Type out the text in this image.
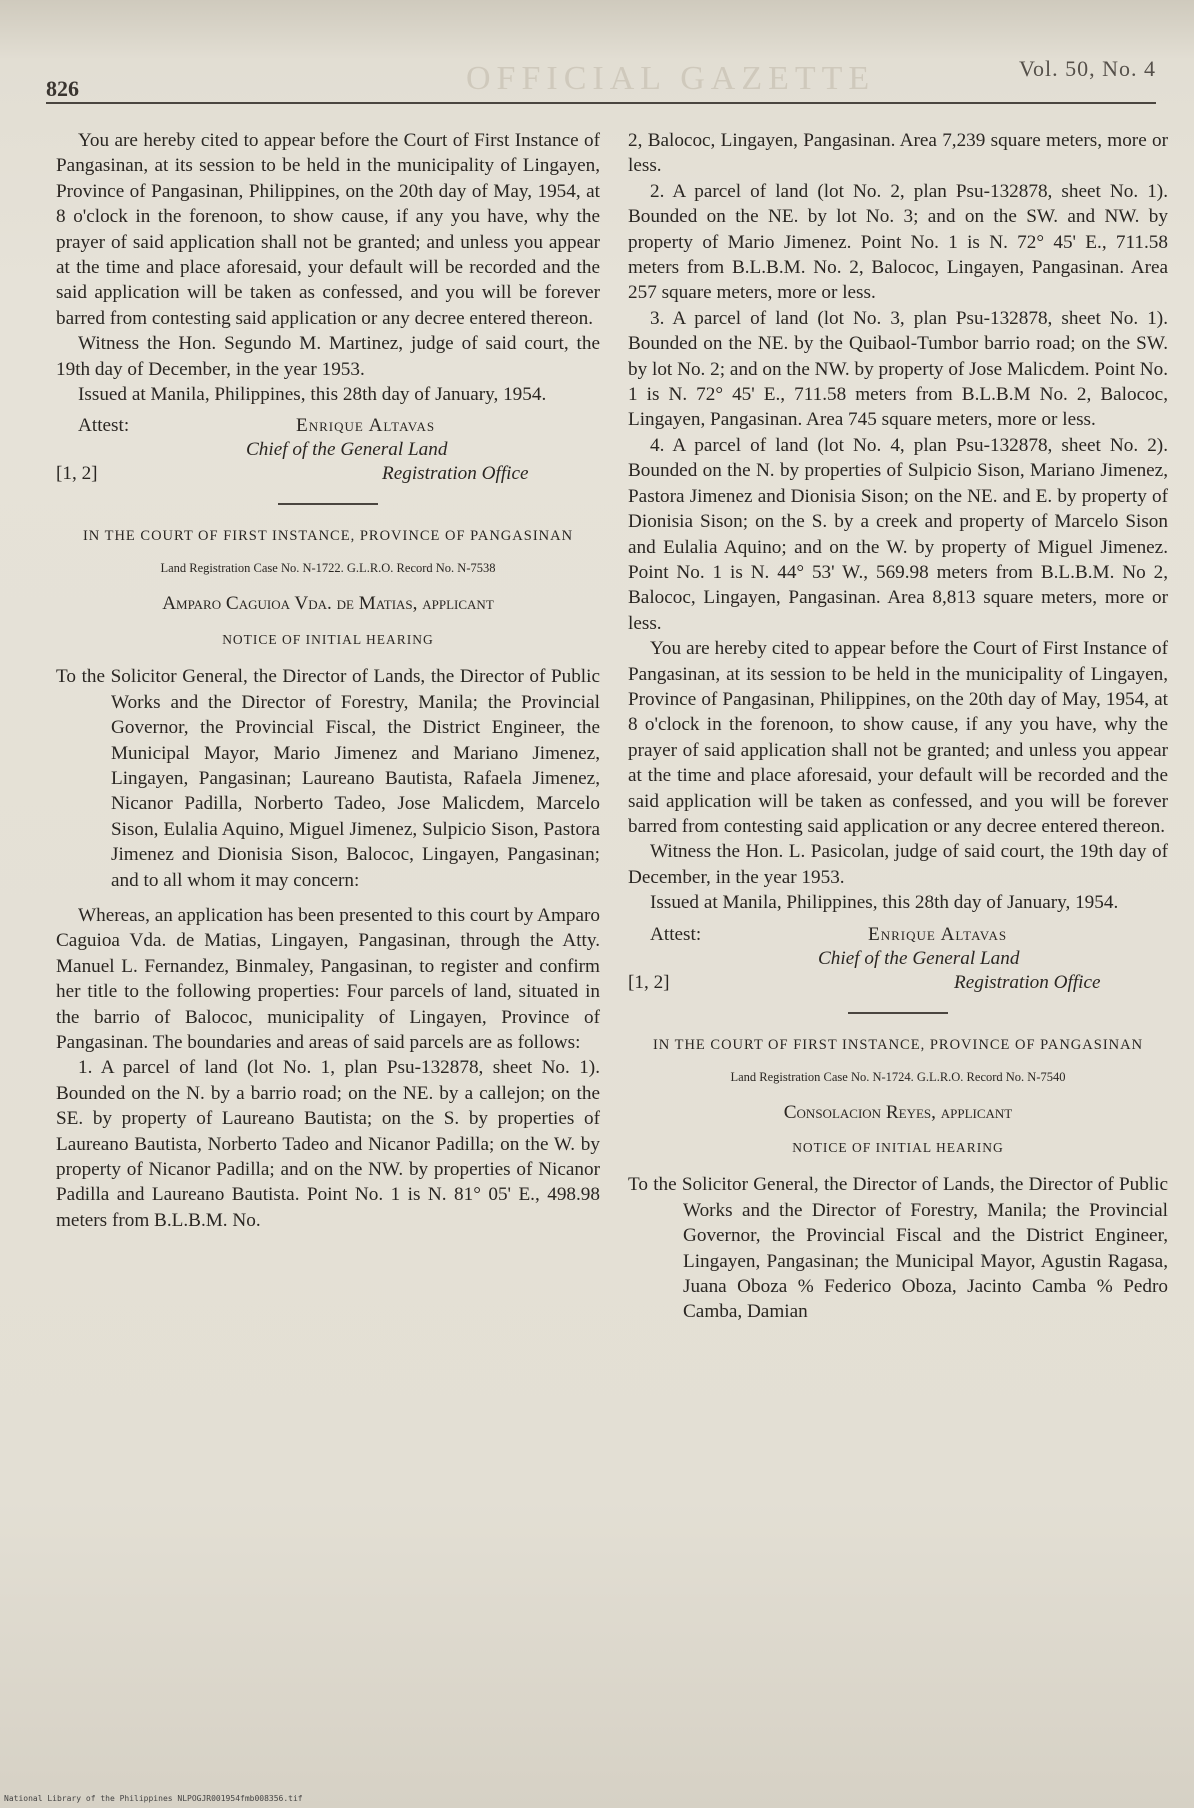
826	OFFICIAL GAZETTE	Vol. 50, No. 4

You are hereby cited to appear before the Court of First Instance of Pangasinan, at its session to be held in the municipality of Lingayen, Province of Pangasinan, Philippines, on the 20th day of May, 1954, at 8 o'clock in the forenoon, to show cause, if any you have, why the prayer of said application shall not be granted; and unless you appear at the time and place aforesaid, your default will be recorded and the said application will be taken as confessed, and you will be forever barred from contesting said application or any decree entered thereon.

Witness the Hon. Segundo M. Martinez, judge of said court, the 19th day of December, in the year 1953.

Issued at Manila, Philippines, this 28th day of January, 1954.

Attest:	Enrique Altavas
Chief of the General Land
[1, 2]	Registration Office
IN THE COURT OF FIRST INSTANCE, PROVINCE OF PANGASINAN
Land Registration Case No. N-1722. G.L.R.O. Record No. N-7538
Amparo Caguioa Vda. de Matias, applicant
NOTICE OF INITIAL HEARING

To the Solicitor General, the Director of Lands, the Director of Public Works and the Director of Forestry, Manila; the Provincial Governor, the Provincial Fiscal, the District Engineer, the Municipal Mayor, Mario Jimenez and Mariano Jimenez, Lingayen, Pangasinan; Laureano Bautista, Rafaela Jimenez, Nicanor Padilla, Norberto Tadeo, Jose Malicdem, Marcelo Sison, Eulalia Aquino, Miguel Jimenez, Sulpicio Sison, Pastora Jimenez and Dionisia Sison, Balococ, Lingayen, Pangasinan; and to all whom it may concern:

Whereas, an application has been presented to this court by Amparo Caguioa Vda. de Matias, Lingayen, Pangasinan, through the Atty. Manuel L. Fernandez, Binmaley, Pangasinan, to register and confirm her title to the following properties: Four parcels of land, situated in the barrio of Balococ, municipality of Lingayen, Province of Pangasinan. The boundaries and areas of said parcels are as follows:

1. A parcel of land (lot No. 1, plan Psu-132878, sheet No. 1). Bounded on the N. by a barrio road; on the NE. by a callejon; on the SE. by property of Laureano Bautista; on the S. by properties of Laureano Bautista, Norberto Tadeo and Nicanor Padilla; on the W. by property of Nicanor Padilla; and on the NW. by properties of Nicanor Padilla and Laureano Bautista. Point No. 1 is N. 81° 05' E., 498.98 meters from B.L.B.M. No.

2, Balococ, Lingayen, Pangasinan. Area 7,239 square meters, more or less.

2. A parcel of land (lot No. 2, plan Psu-132878, sheet No. 1). Bounded on the NE. by lot No. 3; and on the SW. and NW. by property of Mario Jimenez. Point No. 1 is N. 72° 45' E., 711.58 meters from B.L.B.M. No. 2, Balococ, Lingayen, Pangasinan. Area 257 square meters, more or less.

3. A parcel of land (lot No. 3, plan Psu-132878, sheet No. 1). Bounded on the NE. by the Quibaol-Tumbor barrio road; on the SW. by lot No. 2; and on the NW. by property of Jose Malicdem. Point No. 1 is N. 72° 45' E., 711.58 meters from B.L.B.M No. 2, Balococ, Lingayen, Pangasinan. Area 745 square meters, more or less.

4. A parcel of land (lot No. 4, plan Psu-132878, sheet No. 2). Bounded on the N. by properties of Sulpicio Sison, Mariano Jimenez, Pastora Jimenez and Dionisia Sison; on the NE. and E. by property of Dionisia Sison; on the S. by a creek and property of Marcelo Sison and Eulalia Aquino; and on the W. by property of Miguel Jimenez. Point No. 1 is N. 44° 53' W., 569.98 meters from B.L.B.M. No 2, Balococ, Lingayen, Pangasinan. Area 8,813 square meters, more or less.

You are hereby cited to appear before the Court of First Instance of Pangasinan, at its session to be held in the municipality of Lingayen, Province of Pangasinan, Philippines, on the 20th day of May, 1954, at 8 o'clock in the forenoon, to show cause, if any you have, why the prayer of said application shall not be granted; and unless you appear at the time and place aforesaid, your default will be recorded and the said application will be taken as confessed, and you will be forever barred from contesting said application or any decree entered thereon.

Witness the Hon. L. Pasicolan, judge of said court, the 19th day of December, in the year 1953.

Issued at Manila, Philippines, this 28th day of January, 1954.

Attest:	Enrique Altavas
Chief of the General Land
[1, 2]	Registration Office
IN THE COURT OF FIRST INSTANCE, PROVINCE OF PANGASINAN
Land Registration Case No. N-1724. G.L.R.O. Record No. N-7540
Consolacion Reyes, applicant
NOTICE OF INITIAL HEARING

To the Solicitor General, the Director of Lands, the Director of Public Works and the Director of Forestry, Manila; the Provincial Governor, the Provincial Fiscal and the District Engineer, Lingayen, Pangasinan; the Municipal Mayor, Agustin Ragasa, Juana Oboza % Federico Oboza, Jacinto Camba % Pedro Camba, Damian

National Library of the Philippines NLPOGJR001954fmb008356.tif
